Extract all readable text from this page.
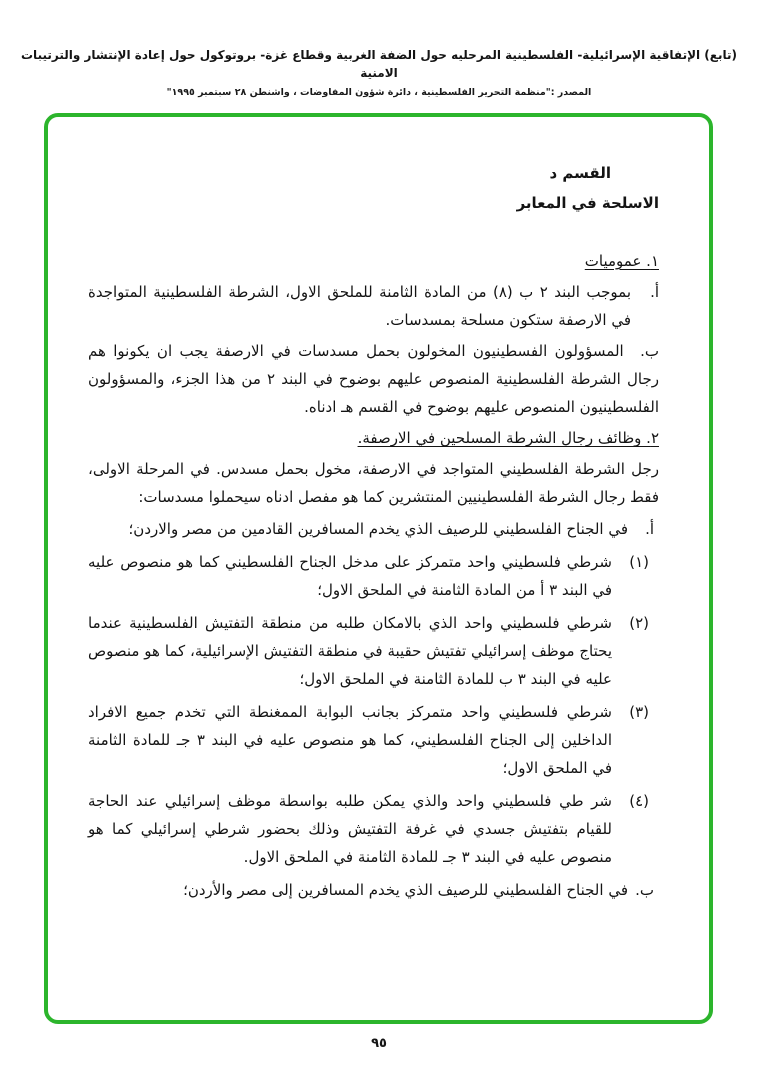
(تابع) الإتفاقية الإسرائيلية- الفلسطينية المرحليه حول الضفة الغربية وقطاع غزة- بروتوكول حول إعادة الإنتشار والترتيبات الامنية
المصدر :"منظمة التحرير الفلسطينية ، دائرة شؤون المفاوضات ، واشنطن ٢٨ سبتمبر ١٩٩٥"
القسم د
الاسلحة في المعابر
١. عموميات
أ.
بموجب البند ٢ ب (٨) من المادة الثامنة للملحق الاول، الشرطة الفلسطينية المتواجدة في الارصفة ستكون مسلحة بمسدسات.

ب. المسؤولون الفسطينيون المخولون بحمل مسدسات في الارصفة يجب ان يكونوا هم رجال الشرطة الفلسطينية المنصوص عليهم بوضوح في البند ٢ من هذا الجزء، والمسؤولون الفلسطينيون المنصوص عليهم بوضوح في القسم هـ ادناه.

٢. وظائف رجال الشرطة المسلحين في الارصفة.

رجل الشرطة الفلسطيني المتواجد في الارصفة، مخول بحمل مسدس. في المرحلة الاولى، فقط رجال الشرطة الفلسطينيين المنتشرين كما هو مفصل ادناه سيحملوا مسدسات:

أ.
في الجناح الفلسطيني للرصيف الذي يخدم المسافرين القادمين من مصر والاردن؛
(١)
شرطي فلسطيني واحد متمركز على مدخل الجناح الفلسطيني كما هو منصوص عليه في البند ٣ أ من المادة الثامنة في الملحق الاول؛
(٢)
شرطي فلسطيني واحد الذي بالامكان طلبه من منطقة التفتيش الفلسطينية عندما يحتاج موظف إسرائيلي تفتيش حقيبة في منطقة التفتيش الإسرائيلية، كما هو منصوص عليه في البند ٣ ب للمادة الثامنة في الملحق الاول؛
(٣)
شرطي فلسطيني واحد متمركز بجانب البوابة الممغنطة التي تخدم جميع الافراد الداخلين إلى الجناح الفلسطيني، كما هو منصوص عليه في البند ٣ جـ للمادة الثامنة في الملحق الاول؛
(٤)
شر طي فلسطيني واحد والذي يمكن طلبه بواسطة موظف إسرائيلي عند الحاجة للقيام بتفتيش جسدي في غرفة التفتيش وذلك بحضور شرطي إسرائيلي كما هو منصوص عليه في البند ٣ جـ للمادة الثامنة في الملحق الاول.
ب.
في الجناح الفلسطيني للرصيف الذي يخدم المسافرين إلى مصر والأردن؛
٩٥
